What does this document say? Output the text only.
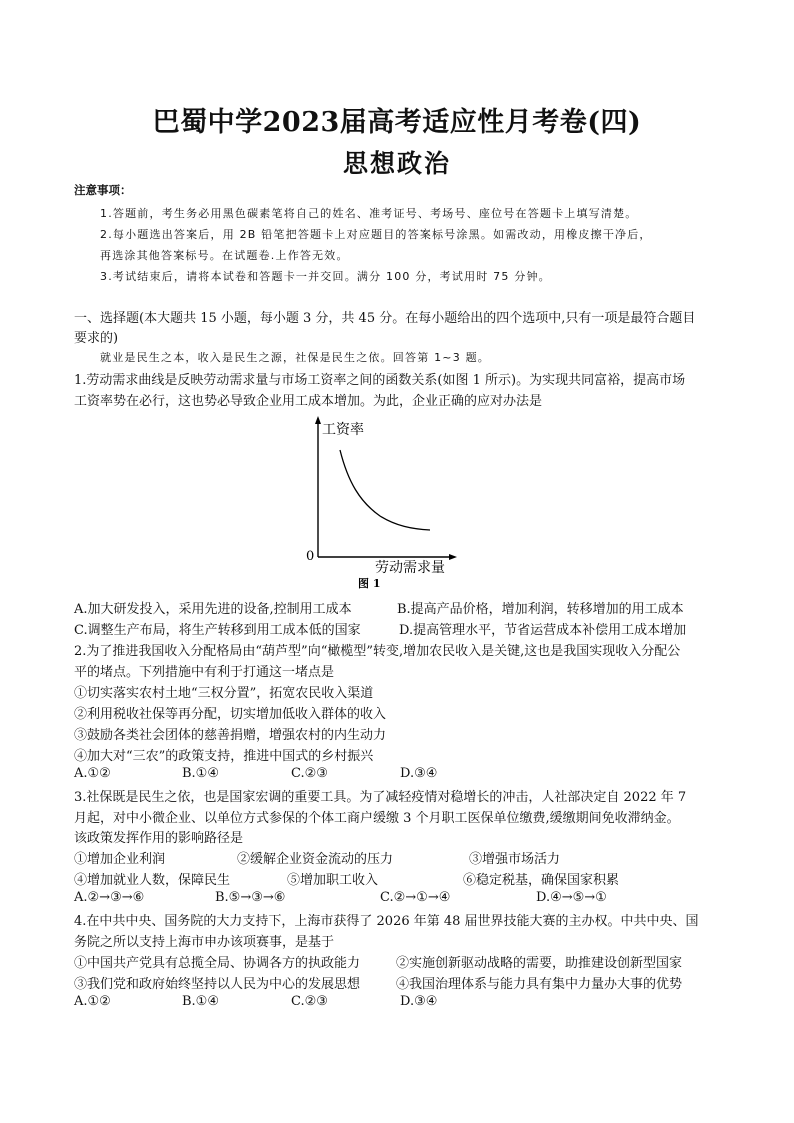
巴蜀中学2023届高考适应性月考卷(四)
思想政治
注意事项：
1.答题前，考生务必用黑色碳素笔将自己的姓名、准考证号、考场号、座位号在答题卡上填写清楚。
2.每小题选出答案后，用 2B 铅笔把答题卡上对应题目的答案标号涂黑。如需改动，用橡皮擦干净后，
再选涂其他答案标号。在试题卷.上作答无效。
3.考试结束后，请将本试卷和答题卡一并交回。满分 100 分，考试用时 75 分钟。
一、选择题(本大题共 15 小题，每小题 3 分，共 45 分。在每小题给出的四个选项中,只有一项是最符合题目
要求的)
就业是民生之本，收入是民生之源，社保是民生之依。回答第 1~3 题。
1.劳动需求曲线是反映劳动需求量与市场工资率之间的函数关系(如图 1 所示)。为实现共同富裕，提高市场
工资率势在必行，这也势必导致企业用工成本增加。为此，企业正确的应对办法是
工资率
0
劳动需求量
图 1
A.加大研发投入，采用先进的设备,控制用工成本	B.提高产品价格，增加利润，转移增加的用工成本
C.调整生产布局，将生产转移到用工成本低的国家	D.提高管理水平，节省运营成本补偿用工成本增加
2.为了推进我国收入分配格局由“葫芦型”向“橄榄型”转变,增加农民收入是关键,这也是我国实现收入分配公
平的堵点。下列措施中有利于打通这一堵点是
①切实落实农村土地“三权分置”，拓宽农民收入渠道
②利用税收社保等再分配，切实增加低收入群体的收入
③鼓励各类社会团体的慈善捐赠，增强农村的内生动力
④加大对“三农”的政策支持，推进中国式的乡村振兴
A.①②	B.①④	C.②③	D.③④
3.社保既是民生之依，也是国家宏调的重要工具。为了减轻疫情对稳增长的冲击，人社部决定自 2022 年 7
月起，对中小微企业、以单位方式参保的个体工商户缓缴 3 个月职工医保单位缴费,缓缴期间免收滞纳金。
该政策发挥作用的影响路径是
①增加企业利润	②缓解企业资金流动的压力	③增强市场活力
④增加就业人数，保障民生	⑤增加职工收入	⑥稳定税基，确保国家积累
A.②→③→⑥	B.⑤→③→⑥	C.②→①→④	D.④→⑤→①
4.在中共中央、国务院的大力支持下，上海市获得了 2026 年第 48 届世界技能大赛的主办权。中共中央、国
务院之所以支持上海市申办该项赛事，是基于
①中国共产党具有总揽全局、协调各方的执政能力	②实施创新驱动战略的需要，助推建设创新型国家
③我们党和政府始终坚持以人民为中心的发展思想	④我国治理体系与能力具有集中力量办大事的优势
A.①②	B.①④	C.②③	D.③④
